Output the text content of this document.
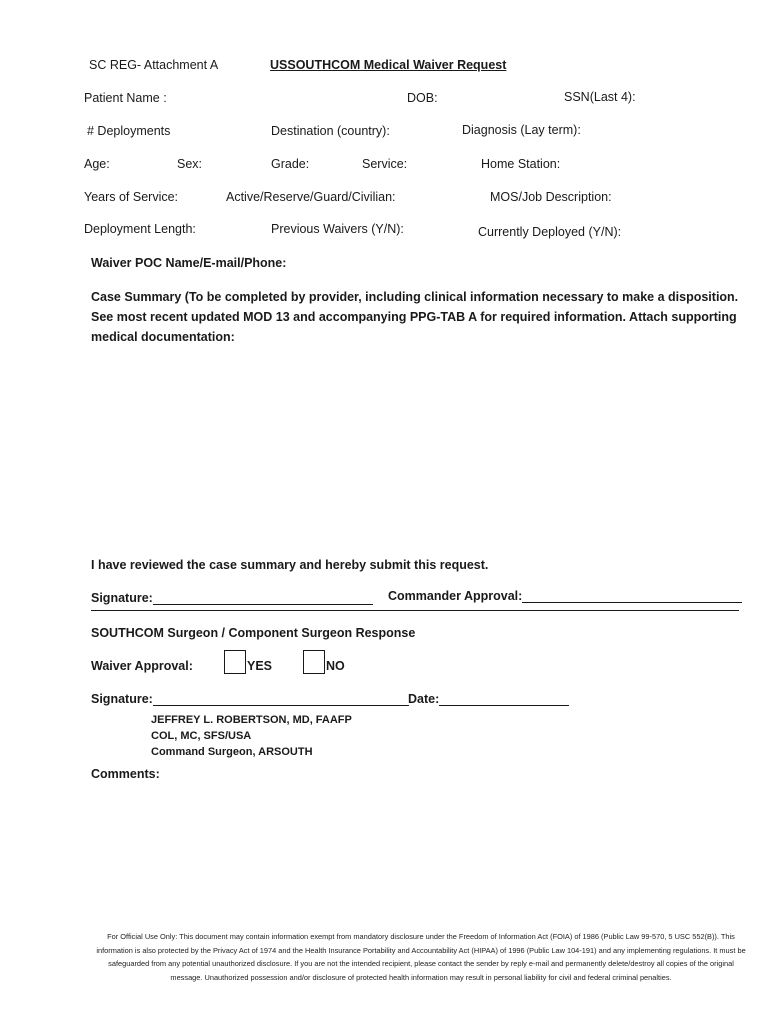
SC REG- Attachment A	USSOUTHCOM Medical Waiver Request
Patient Name :	DOB:	SSN(Last 4):
# Deployments	Destination (country):	Diagnosis (Lay term):
Age:	Sex:	Grade:	Service:	Home Station:
Years of Service:	Active/Reserve/Guard/Civilian:	MOS/Job Description:
Deployment Length:	Previous Waivers (Y/N):	Currently Deployed (Y/N):
Waiver POC Name/E-mail/Phone:
Case Summary (To be completed by provider, including clinical information necessary to make a disposition. See most recent updated MOD 13 and accompanying PPG-TAB A for required information. Attach supporting medical documentation:
I have reviewed the case summary and hereby submit this request.
Signature:	Commander Approval:
SOUTHCOM Surgeon / Component Surgeon Response
Waiver Approval:	YES	NO
Signature:	Date:
JEFFREY L. ROBERTSON, MD, FAAFP
COL, MC, SFS/USA
Command Surgeon, ARSOUTH
Comments:
For Official Use Only: This document may contain information exempt from mandatory disclosure under the Freedom of Information Act (FOIA) of 1986 (Public Law 99-570, 5 USC 552(B)). This information is also protected by the Privacy Act of 1974 and the Health Insurance Portability and Accountability Act (HIPAA) of 1996 (Public Law 104-191) and any implementing regulations. It must be safeguarded from any potential unauthorized disclosure. If you are not the intended recipient, please contact the sender by reply e-mail and permanently delete/destroy all copies of the original message. Unauthorized possession and/or disclosure of protected health information may result in personal liability for civil and federal criminal penalties.
